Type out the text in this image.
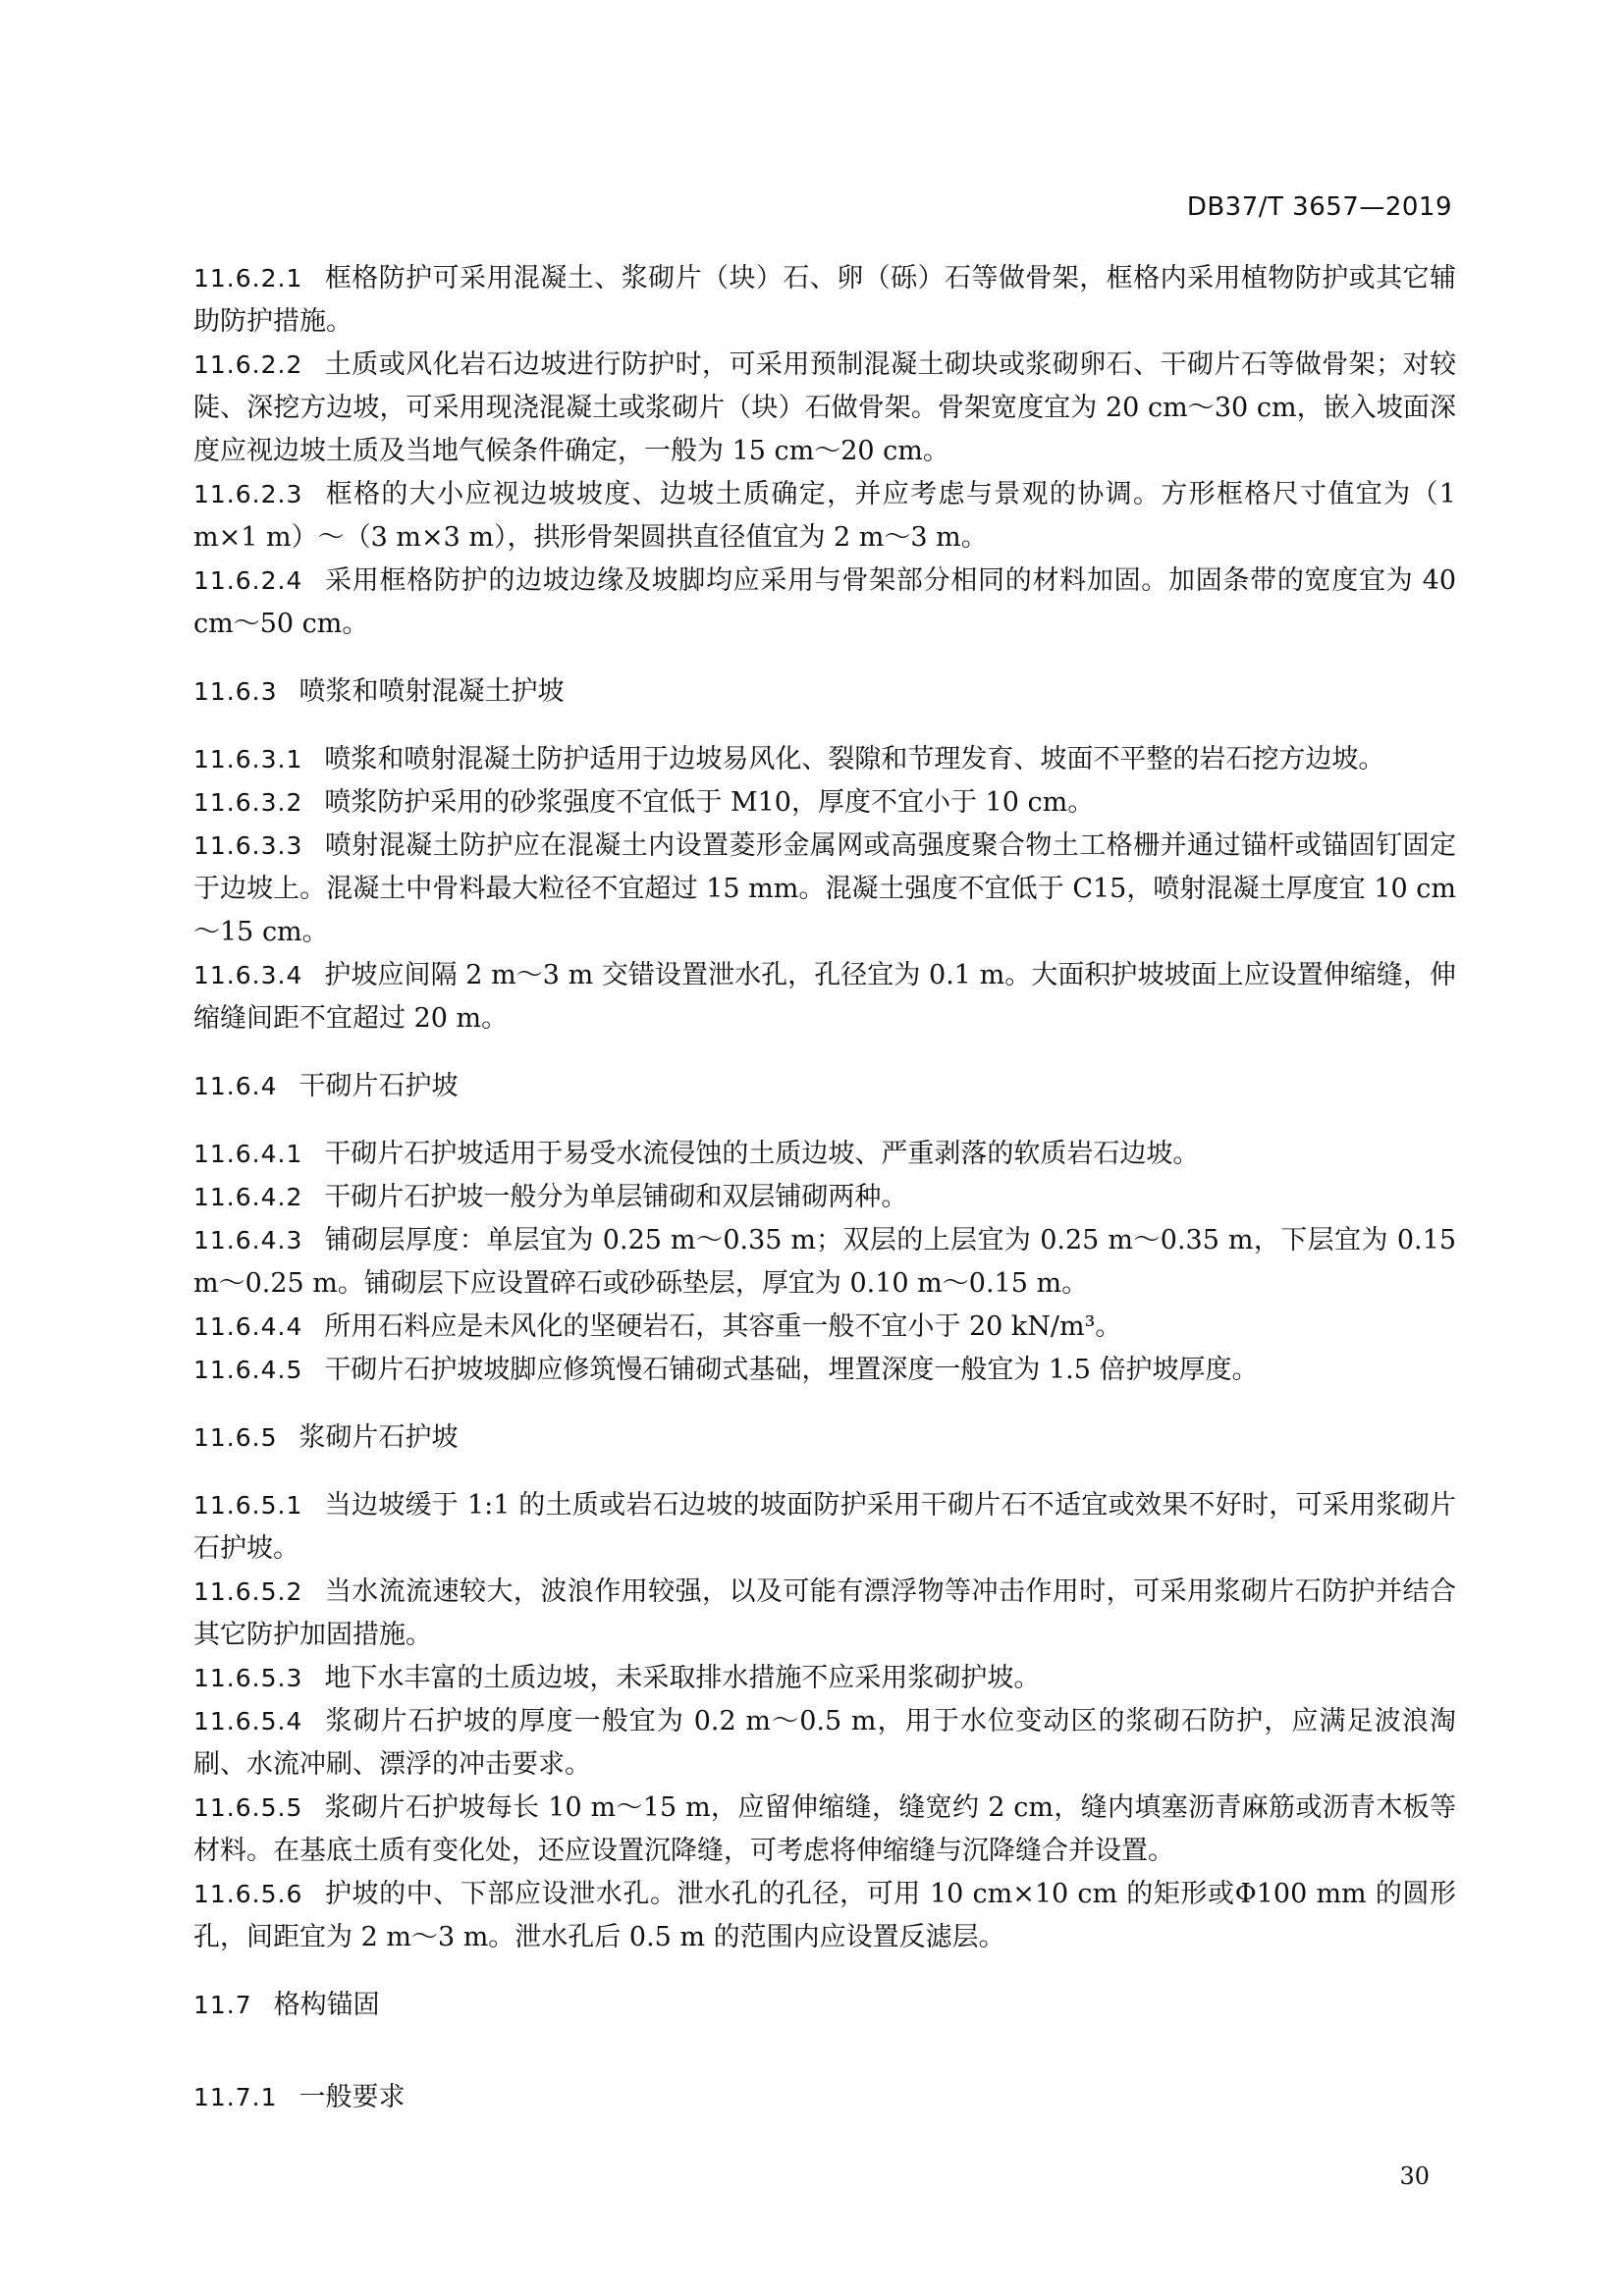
DB37/T 3657—2019

11.6.2.1 框格防护可采用混凝土、浆砌片（块）石、卵（砾）石等做骨架，框格内采用植物防护或其它辅助防护措施。

11.6.2.2 土质或风化岩石边坡进行防护时，可采用预制混凝土砌块或浆砌卵石、干砌片石等做骨架；对较陡、深挖方边坡，可采用现浇混凝土或浆砌片（块）石做骨架。骨架宽度宜为 20 cm～30 cm，嵌入坡面深度应视边坡土质及当地气候条件确定，一般为 15 cm～20 cm。

11.6.2.3 框格的大小应视边坡坡度、边坡土质确定，并应考虑与景观的协调。方形框格尺寸值宜为（1 m×1 m）～（3 m×3 m），拱形骨架圆拱直径值宜为 2 m～3 m。

11.6.2.4 采用框格防护的边坡边缘及坡脚均应采用与骨架部分相同的材料加固。加固条带的宽度宜为 40 cm～50 cm。

11.6.3 喷浆和喷射混凝土护坡

11.6.3.1 喷浆和喷射混凝土防护适用于边坡易风化、裂隙和节理发育、坡面不平整的岩石挖方边坡。

11.6.3.2 喷浆防护采用的砂浆强度不宜低于 M10，厚度不宜小于 10 cm。

11.6.3.3 喷射混凝土防护应在混凝土内设置菱形金属网或高强度聚合物土工格栅并通过锚杆或锚固钉固定于边坡上。混凝土中骨料最大粒径不宜超过 15 mm。混凝土强度不宜低于 C15，喷射混凝土厚度宜 10 cm～15 cm。

11.6.3.4 护坡应间隔 2 m～3 m 交错设置泄水孔，孔径宜为 0.1 m。大面积护坡坡面上应设置伸缩缝，伸缩缝间距不宜超过 20 m。

11.6.4 干砌片石护坡

11.6.4.1 干砌片石护坡适用于易受水流侵蚀的土质边坡、严重剥落的软质岩石边坡。

11.6.4.2 干砌片石护坡一般分为单层铺砌和双层铺砌两种。

11.6.4.3 铺砌层厚度：单层宜为 0.25 m～0.35 m；双层的上层宜为 0.25 m～0.35 m，下层宜为 0.15 m～0.25 m。铺砌层下应设置碎石或砂砾垫层，厚宜为 0.10 m～0.15 m。

11.6.4.4 所用石料应是未风化的坚硬岩石，其容重一般不宜小于 20 kN/m³。

11.6.4.5 干砌片石护坡坡脚应修筑慢石铺砌式基础，埋置深度一般宜为 1.5 倍护坡厚度。

11.6.5 浆砌片石护坡

11.6.5.1 当边坡缓于 1:1 的土质或岩石边坡的坡面防护采用干砌片石不适宜或效果不好时，可采用浆砌片石护坡。

11.6.5.2 当水流流速较大，波浪作用较强，以及可能有漂浮物等冲击作用时，可采用浆砌片石防护并结合其它防护加固措施。

11.6.5.3 地下水丰富的土质边坡，未采取排水措施不应采用浆砌护坡。

11.6.5.4 浆砌片石护坡的厚度一般宜为 0.2 m～0.5 m，用于水位变动区的浆砌石防护，应满足波浪淘刷、水流冲刷、漂浮的冲击要求。

11.6.5.5 浆砌片石护坡每长 10 m～15 m，应留伸缩缝，缝宽约 2 cm，缝内填塞沥青麻筋或沥青木板等材料。在基底土质有变化处，还应设置沉降缝，可考虑将伸缩缝与沉降缝合并设置。

11.6.5.6 护坡的中、下部应设泄水孔。泄水孔的孔径，可用 10 cm×10 cm 的矩形或Φ100 mm 的圆形孔，间距宜为 2 m～3 m。泄水孔后 0.5 m 的范围内应设置反滤层。

11.7 格构锚固

11.7.1 一般要求

30
